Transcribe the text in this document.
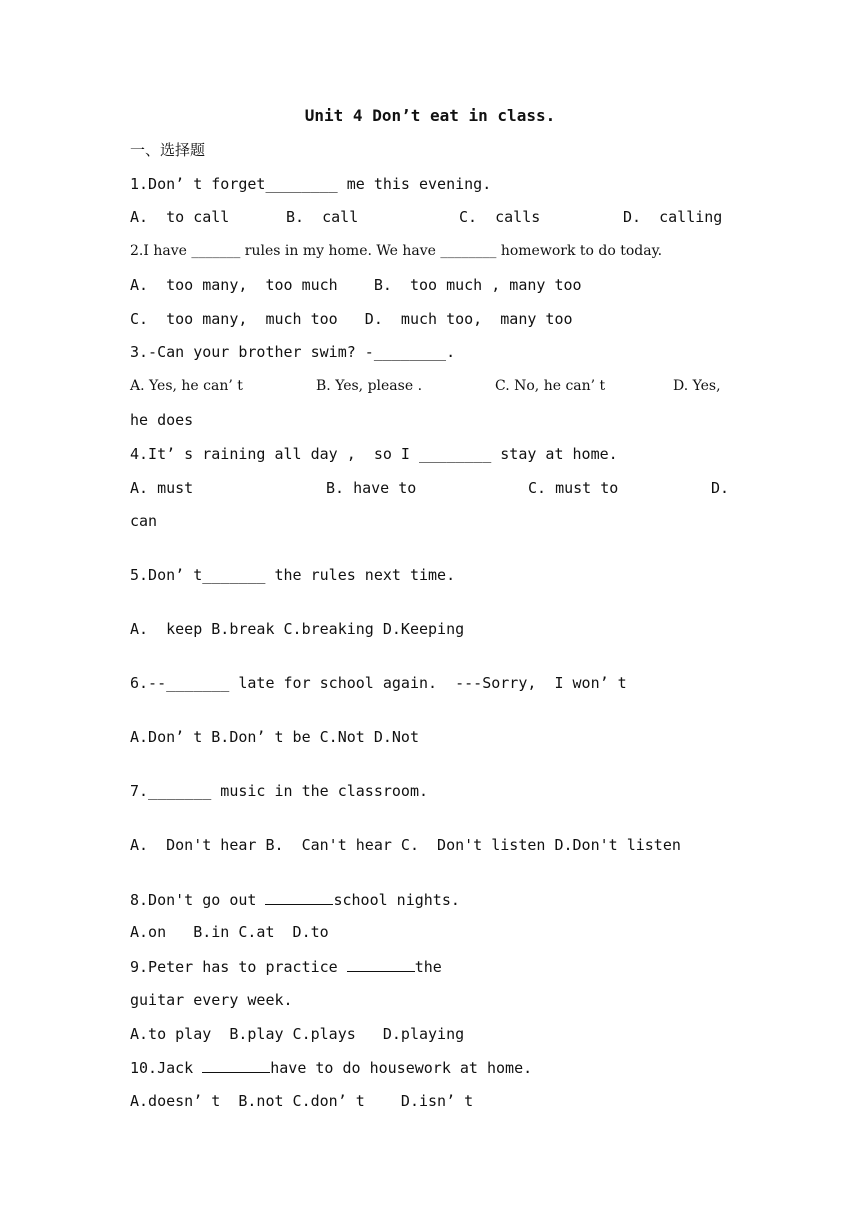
Unit 4 Don’t eat in class.
一、选择题
1.Don’ t forget________ me this evening.
A.  to call	B.  call	C.  calls	D.  calling
2.I have _______ rules in my home. We have ________ homework to do today.
A.  too many,  too much    B.  too much , many too
C.  too many,  much too   D.  much too,  many too
3.-Can your brother swim? -________.
A. Yes, he can’ t	B. Yes, please .	C. No, he can’ t	D. Yes,
he does
4.It’ s raining all day ,  so I ________ stay at home.
A. must	B. have to	C. must to	D.
can
5.Don’ t_______ the rules next time.
A.  keep B.break C.breaking D.Keeping
6.--_______ late for school again.  ---Sorry,  I won’ t
A.Don’ t B.Don’ t be C.Not D.Not
7._______ music in the classroom.
A.  Don't hear B.  Can't hear C.  Don't listen D.Don't listen
8.Don't go out	school nights.
A.on   B.in C.at  D.to
9.Peter has to practice	the
guitar every week.
A.to play  B.play C.plays   D.playing
10.Jack	have to do housework at home.
A.doesn’ t  B.not C.don’ t    D.isn’ t
